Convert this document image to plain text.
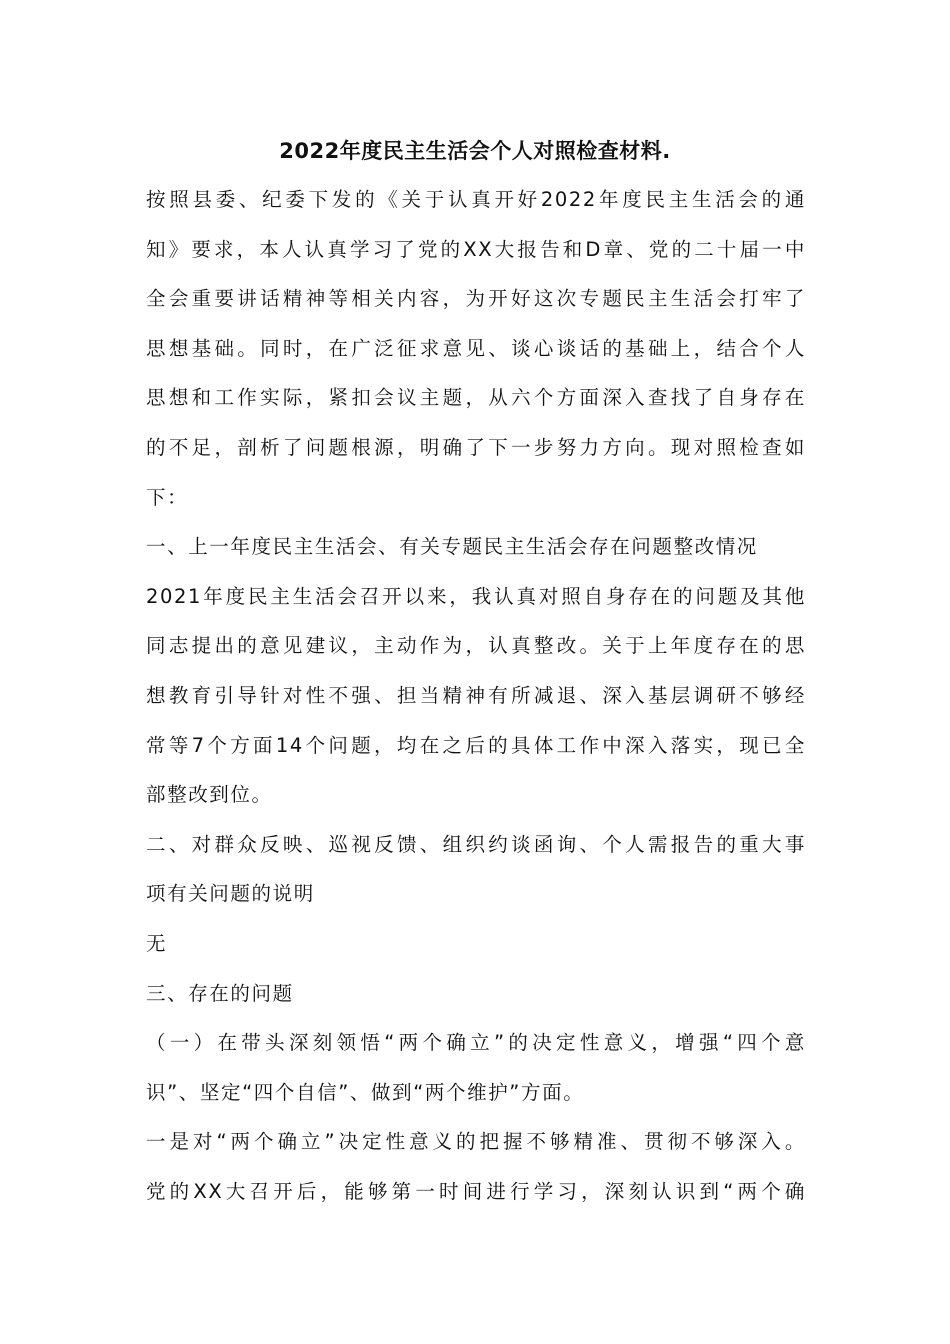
2022年度民主生活会个人对照检查材料.
按照县委、纪委下发的《关于认真开好2022年度民主生活会的通
知》要求，本人认真学习了党的XX大报告和D章、党的二十届一中
全会重要讲话精神等相关内容，为开好这次专题民主生活会打牢了
思想基础。同时，在广泛征求意见、谈心谈话的基础上，结合个人
思想和工作实际，紧扣会议主题，从六个方面深入查找了自身存在
的不足，剖析了问题根源，明确了下一步努力方向。现对照检查如
下：
一、上一年度民主生活会、有关专题民主生活会存在问题整改情况
2021年度民主生活会召开以来，我认真对照自身存在的问题及其他
同志提出的意见建议，主动作为，认真整改。关于上年度存在的思
想教育引导针对性不强、担当精神有所减退、深入基层调研不够经
常等7个方面14个问题，均在之后的具体工作中深入落实，现已全
部整改到位。
二、对群众反映、巡视反馈、组织约谈函询、个人需报告的重大事
项有关问题的说明
无
三、存在的问题
（一）在带头深刻领悟“两个确立”的决定性意义，增强“四个意
识”、坚定“四个自信”、做到“两个维护”方面。
一是对“两个确立”决定性意义的把握不够精准、贯彻不够深入。
党的XX大召开后，能够第一时间进行学习，深刻认识到“两个确
